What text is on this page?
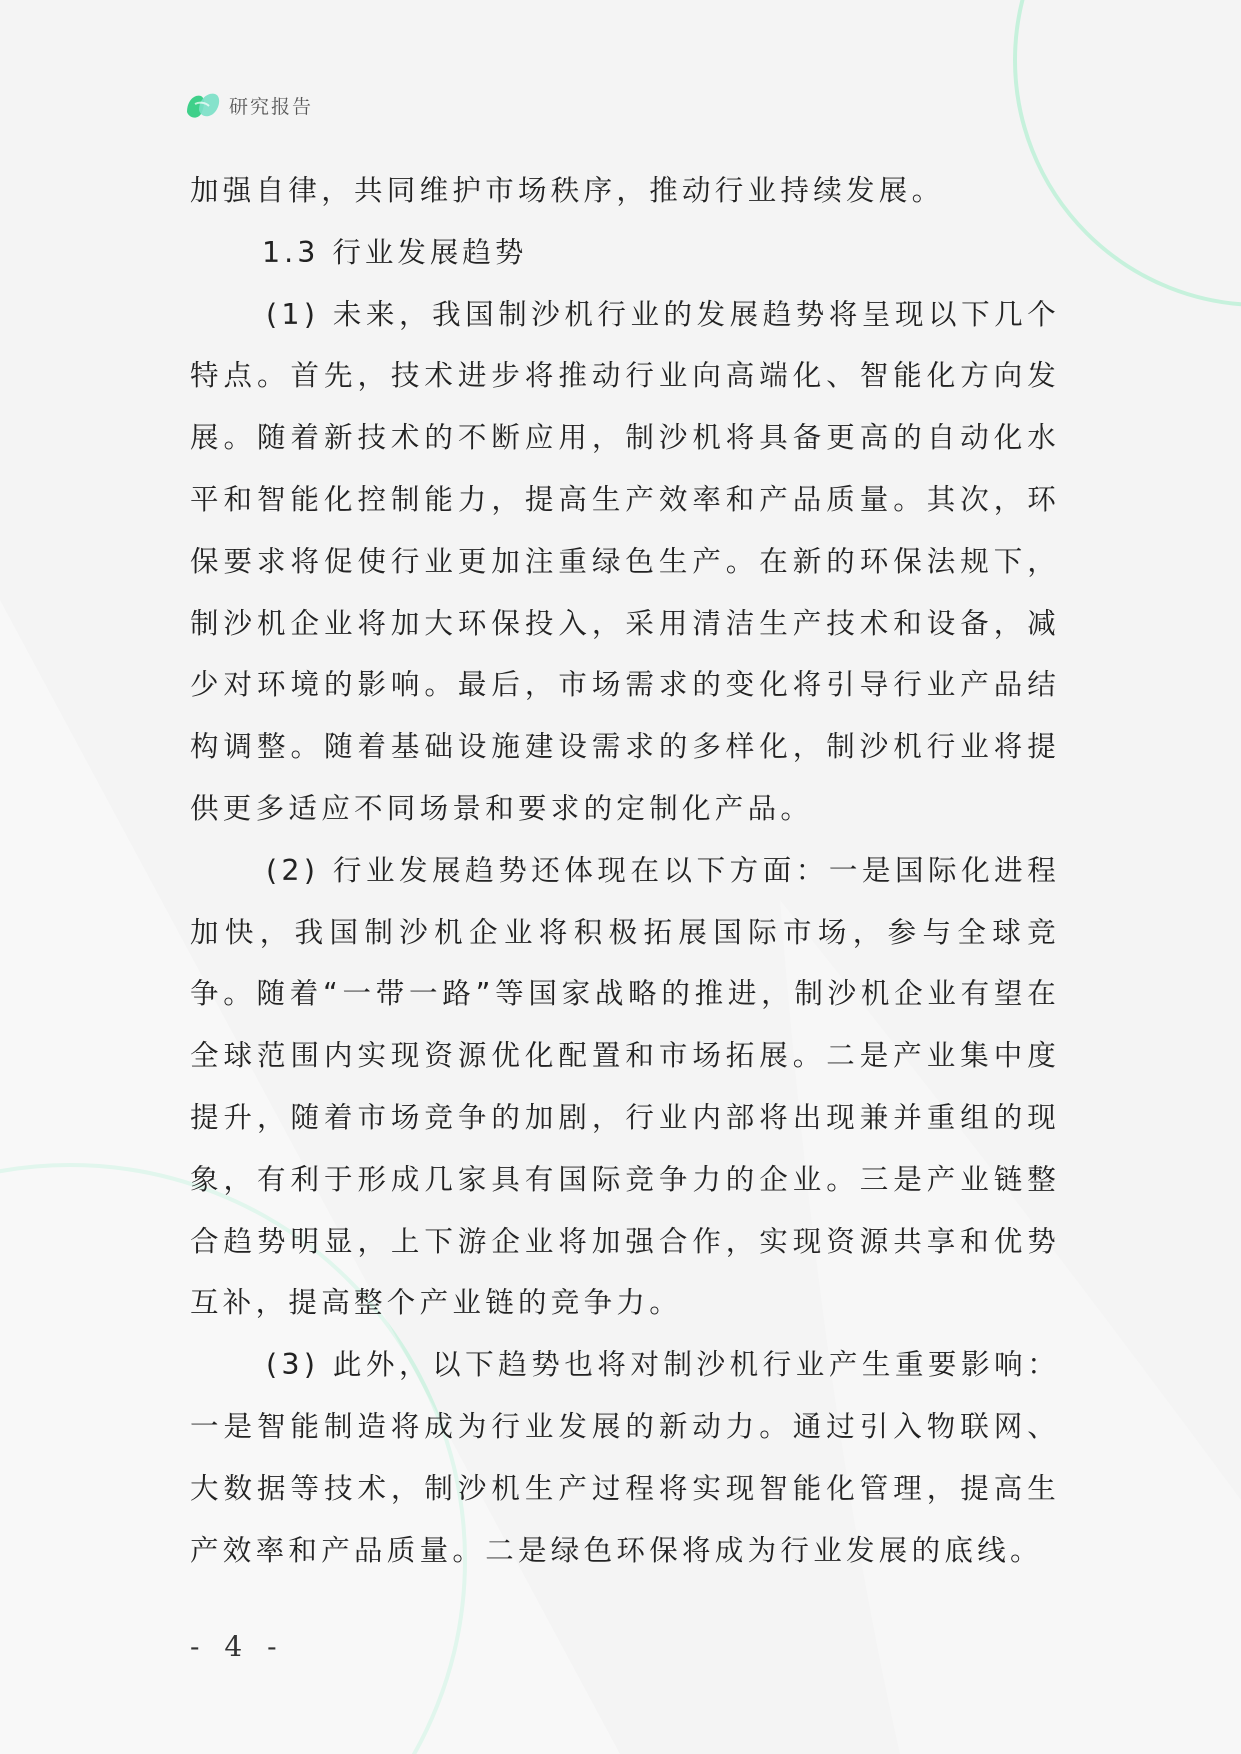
研究报告

加强自律，共同维护市场秩序，推动行业持续发展。

1.3 行业发展趋势

(1) 未来，我国制沙机行业的发展趋势将呈现以下几个特点。首先，技术进步将推动行业向高端化、智能化方向发展。随着新技术的不断应用，制沙机将具备更高的自动化水平和智能化控制能力，提高生产效率和产品质量。其次，环保要求将促使行业更加注重绿色生产。在新的环保法规下，制沙机企业将加大环保投入，采用清洁生产技术和设备，减少对环境的影响。最后，市场需求的变化将引导行业产品结构调整。随着基础设施建设需求的多样化，制沙机行业将提供更多适应不同场景和要求的定制化产品。

(2) 行业发展趋势还体现在以下方面：一是国际化进程加快，我国制沙机企业将积极拓展国际市场，参与全球竞争。随着“一带一路”等国家战略的推进，制沙机企业有望在全球范围内实现资源优化配置和市场拓展。二是产业集中度提升，随着市场竞争的加剧，行业内部将出现兼并重组的现象，有利于形成几家具有国际竞争力的企业。三是产业链整合趋势明显，上下游企业将加强合作，实现资源共享和优势互补，提高整个产业链的竞争力。

(3) 此外，以下趋势也将对制沙机行业产生重要影响：一是智能制造将成为行业发展的新动力。通过引入物联网、大数据等技术，制沙机生产过程将实现智能化管理，提高生产效率和产品质量。二是绿色环保将成为行业发展的底线。

- 4 -
